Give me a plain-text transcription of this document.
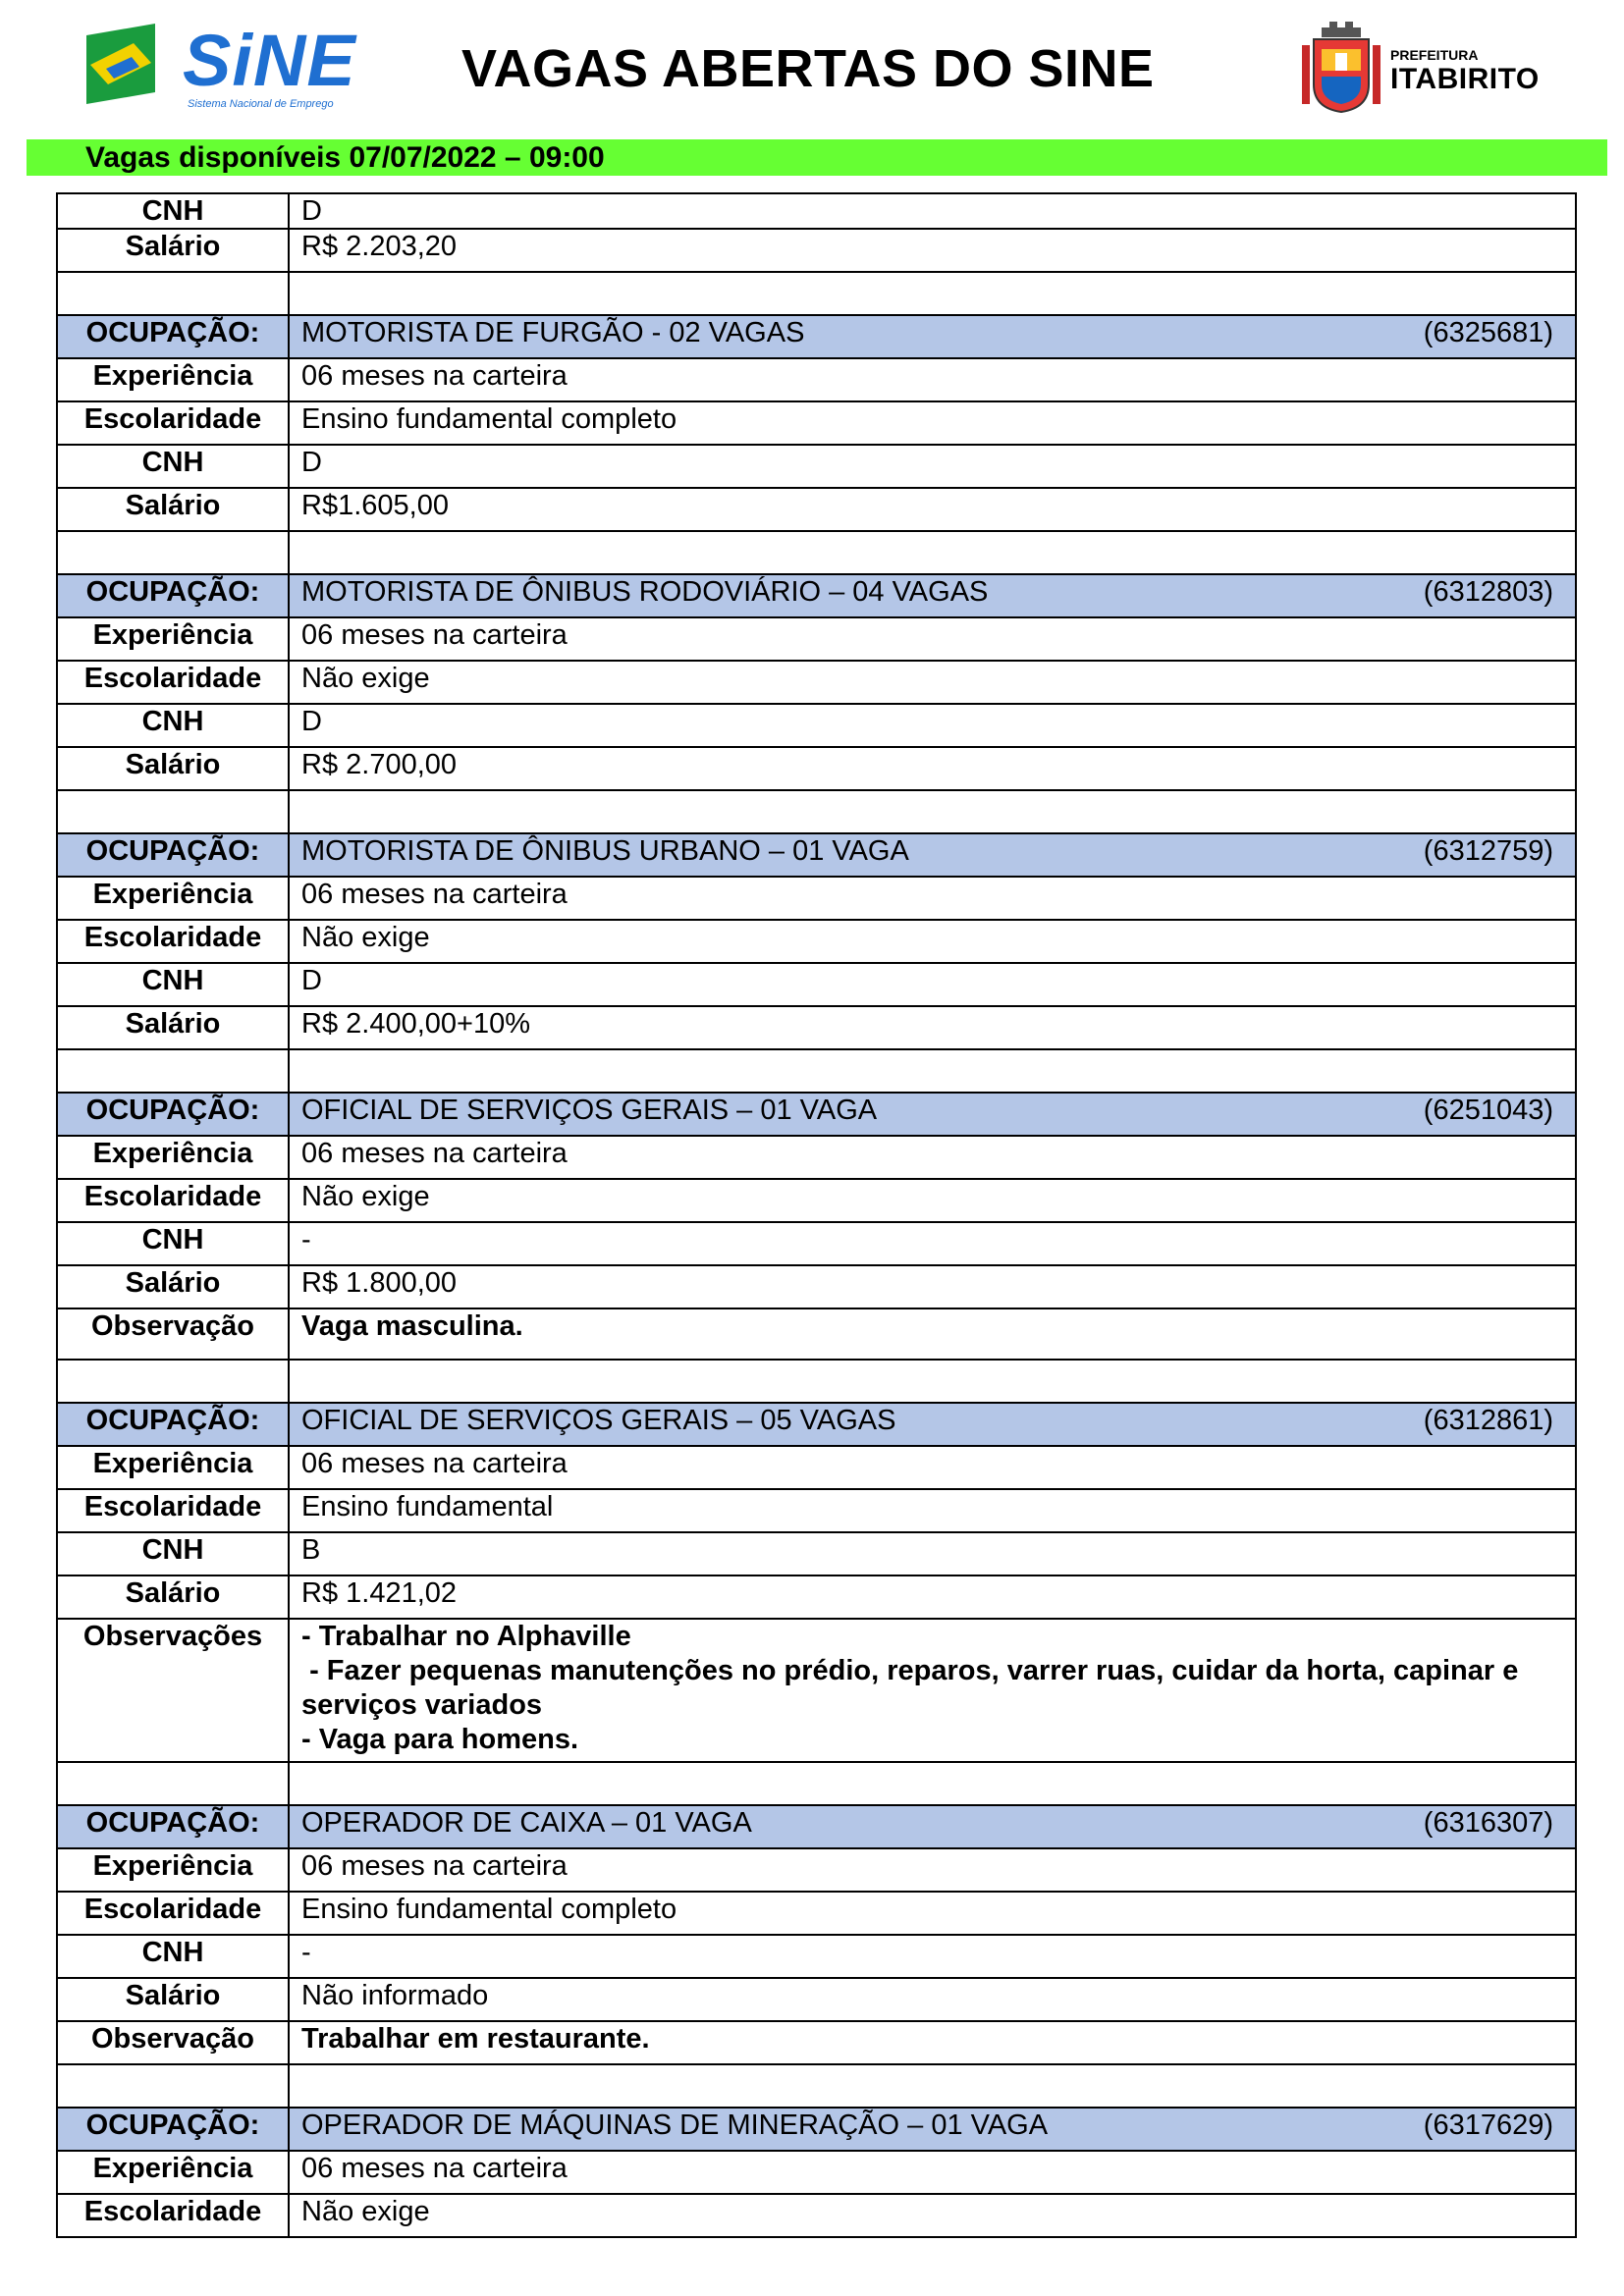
SiNE
Sistema Nacional de Emprego
VAGAS ABERTAS DO SINE	PREFEITURA
ITABIRITO
Vagas disponíveis 07/07/2022 – 09:00
CNH	D
Salário	R$ 2.203,20

OCUPAÇÃO:	MOTORISTA DE FURGÃO - 02 VAGAS (6325681)

Experiência	06 meses na carteira
Escolaridade	Ensino fundamental completo
CNH	D
Salário	R$1.605,00

OCUPAÇÃO:	MOTORISTA DE ÔNIBUS RODOVIÁRIO – 04 VAGAS (6312803)

Experiência	06 meses na carteira
Escolaridade	Não exige
CNH	D
Salário	R$ 2.700,00

OCUPAÇÃO:	MOTORISTA DE ÔNIBUS URBANO – 01 VAGA (6312759)

Experiência	06 meses na carteira
Escolaridade	Não exige
CNH	D
Salário	R$ 2.400,00+10%

OCUPAÇÃO:	OFICIAL DE SERVIÇOS GERAIS – 01 VAGA (6251043)

Experiência	06 meses na carteira
Escolaridade	Não exige
CNH	-
Salário	R$ 1.800,00
Observação	Vaga masculina.

OCUPAÇÃO:	OFICIAL DE SERVIÇOS GERAIS – 05 VAGAS (6312861)

Experiência	06 meses na carteira
Escolaridade	Ensino fundamental
CNH	B
Salário	R$ 1.421,02
Observações	- Trabalhar no Alphaville
- Fazer pequenas manutenções no prédio, reparos, varrer ruas, cuidar da horta, capinar e serviços variados
- Vaga para homens.

OCUPAÇÃO:	OPERADOR DE CAIXA – 01 VAGA (6316307)

Experiência	06 meses na carteira
Escolaridade	Ensino fundamental completo
CNH	-
Salário	Não informado
Observação	Trabalhar em restaurante.

OCUPAÇÃO:	OPERADOR DE MÁQUINAS DE MINERAÇÃO – 01 VAGA (6317629)

Experiência	06 meses na carteira
Escolaridade	Não exige
